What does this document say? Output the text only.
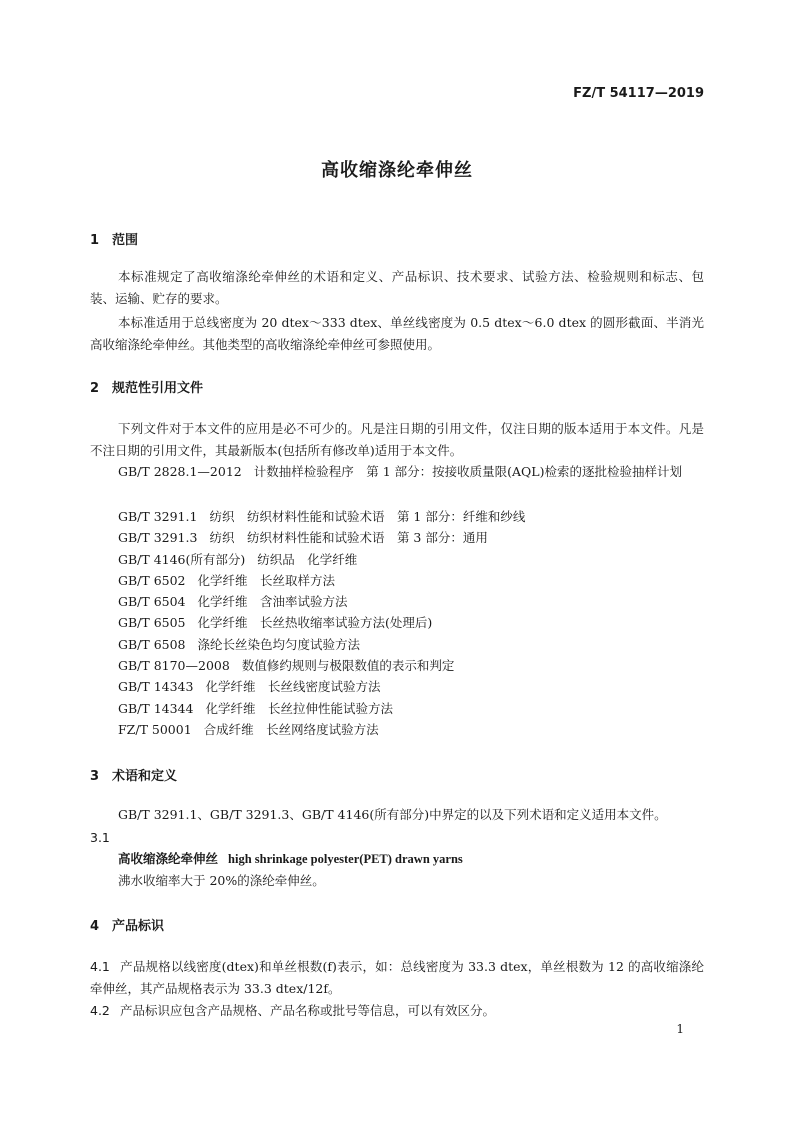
FZ/T 54117—2019
高收缩涤纶牵伸丝
1 范围
本标准规定了高收缩涤纶牵伸丝的术语和定义、产品标识、技术要求、试验方法、检验规则和标志、包装、运输、贮存的要求。
本标准适用于总线密度为 20 dtex～333 dtex、单丝线密度为 0.5 dtex～6.0 dtex 的圆形截面、半消光高收缩涤纶牵伸丝。其他类型的高收缩涤纶牵伸丝可参照使用。
2 规范性引用文件
下列文件对于本文件的应用是必不可少的。凡是注日期的引用文件，仅注日期的版本适用于本文件。凡是不注日期的引用文件，其最新版本(包括所有修改单)适用于本文件。
GB/T 2828.1—2012 计数抽样检验程序　第 1 部分：按接收质量限(AQL)检索的逐批检验抽样计划
GB/T 3291.1 纺织　纺织材料性能和试验术语　第 1 部分：纤维和纱线
GB/T 3291.3 纺织　纺织材料性能和试验术语　第 3 部分：通用
GB/T 4146(所有部分) 纺织品　化学纤维
GB/T 6502 化学纤维　长丝取样方法
GB/T 6504 化学纤维　含油率试验方法
GB/T 6505 化学纤维　长丝热收缩率试验方法(处理后)
GB/T 6508 涤纶长丝染色均匀度试验方法
GB/T 8170—2008 数值修约规则与极限数值的表示和判定
GB/T 14343 化学纤维　长丝线密度试验方法
GB/T 14344 化学纤维　长丝拉伸性能试验方法
FZ/T 50001 合成纤维　长丝网络度试验方法
3 术语和定义
GB/T 3291.1、GB/T 3291.3、GB/T 4146(所有部分)中界定的以及下列术语和定义适用本文件。
3.1
高收缩涤纶牵伸丝 high shrinkage polyester(PET) drawn yarns
沸水收缩率大于 20%的涤纶牵伸丝。
4 产品标识
4.1 产品规格以线密度(dtex)和单丝根数(f)表示，如：总线密度为 33.3 dtex，单丝根数为 12 的高收缩涤纶牵伸丝，其产品规格表示为 33.3 dtex/12f。
4.2 产品标识应包含产品规格、产品名称或批号等信息，可以有效区分。
1
